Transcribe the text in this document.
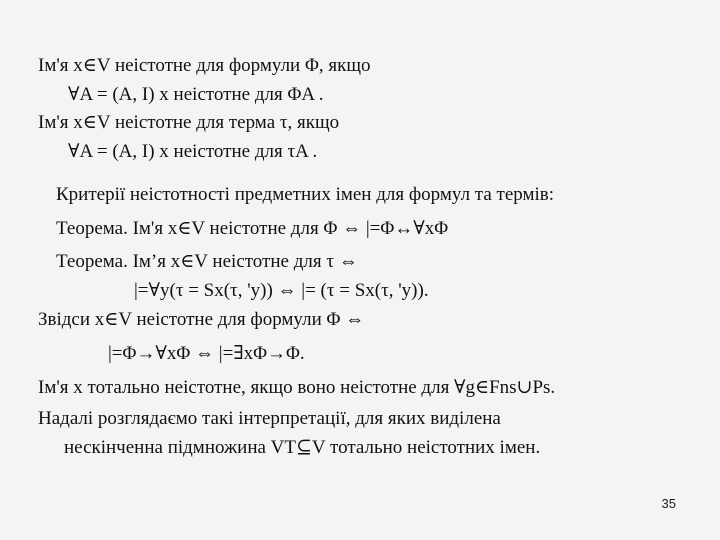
Ім'я x∈V неістотне для формули Φ, якщо
∀A = (A, I) x неістотне для ΦA .
Ім'я x∈V неістотне для терма τ, якщо
∀A = (A, I) x неістотне для τA .
Критерії неістотності предметних імен для формул та термів:
Теорема. Ім'я x∈V неістотне для Φ ⇔ |=Φ↔∀xΦ
Теорема. Ім’я x∈V неістотне для τ ⇔
|=∀y(τ = Sx(τ, 'y)) ⇔ |= (τ = Sx(τ, 'y)).
Звідси x∈V неістотне для формули Φ ⇔
|=Φ→∀xΦ ⇔ |=∃xΦ→Φ.
Ім'я x тотально неістотне, якщо воно неістотне для ∀g∈Fns∪Ps.
Надалі розглядаємо такі інтерпретації, для яких виділена
нескінченна підмножина VT⊆V тотально неістотних імен.
35
